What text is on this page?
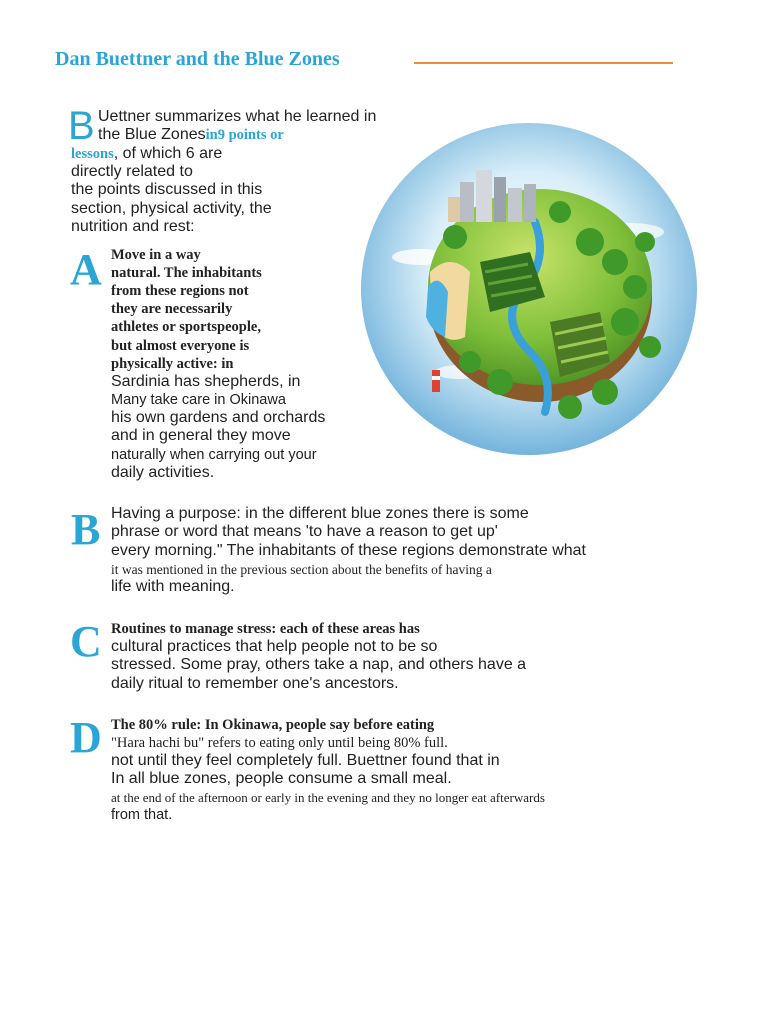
Dan Buettner and the Blue Zones
B Uettner summarizes what he learned in
the Blue Zonesin9 points or
lessons, of which 6 are
directly related to
the points discussed in this
section, physical activity, the
nutrition and rest:
A Move in a way
natural. The inhabitants
from these regions not
they are necessarily
athletes or sportspeople,
but almost everyone is
physically active: in
Sardinia has shepherds, in
Many take care in Okinawa
his own gardens and orchards
and in general they move
naturally when carrying out your
daily activities.
B Having a purpose: in the different blue zones there is some
phrase or word that means 'to have a reason to get up'
every morning." The inhabitants of these regions demonstrate what
it was mentioned in the previous section about the benefits of having a
life with meaning.
C Routines to manage stress: each of these areas has
cultural practices that help people not to be so
stressed. Some pray, others take a nap, and others have a
daily ritual to remember one's ancestors.
D The 80% rule: In Okinawa, people say before eating
"Hara hachi bu" refers to eating only until being 80% full.
not until they feel completely full. Buettner found that in
In all blue zones, people consume a small meal.
at the end of the afternoon or early in the evening and they no longer eat afterwards
from that.
